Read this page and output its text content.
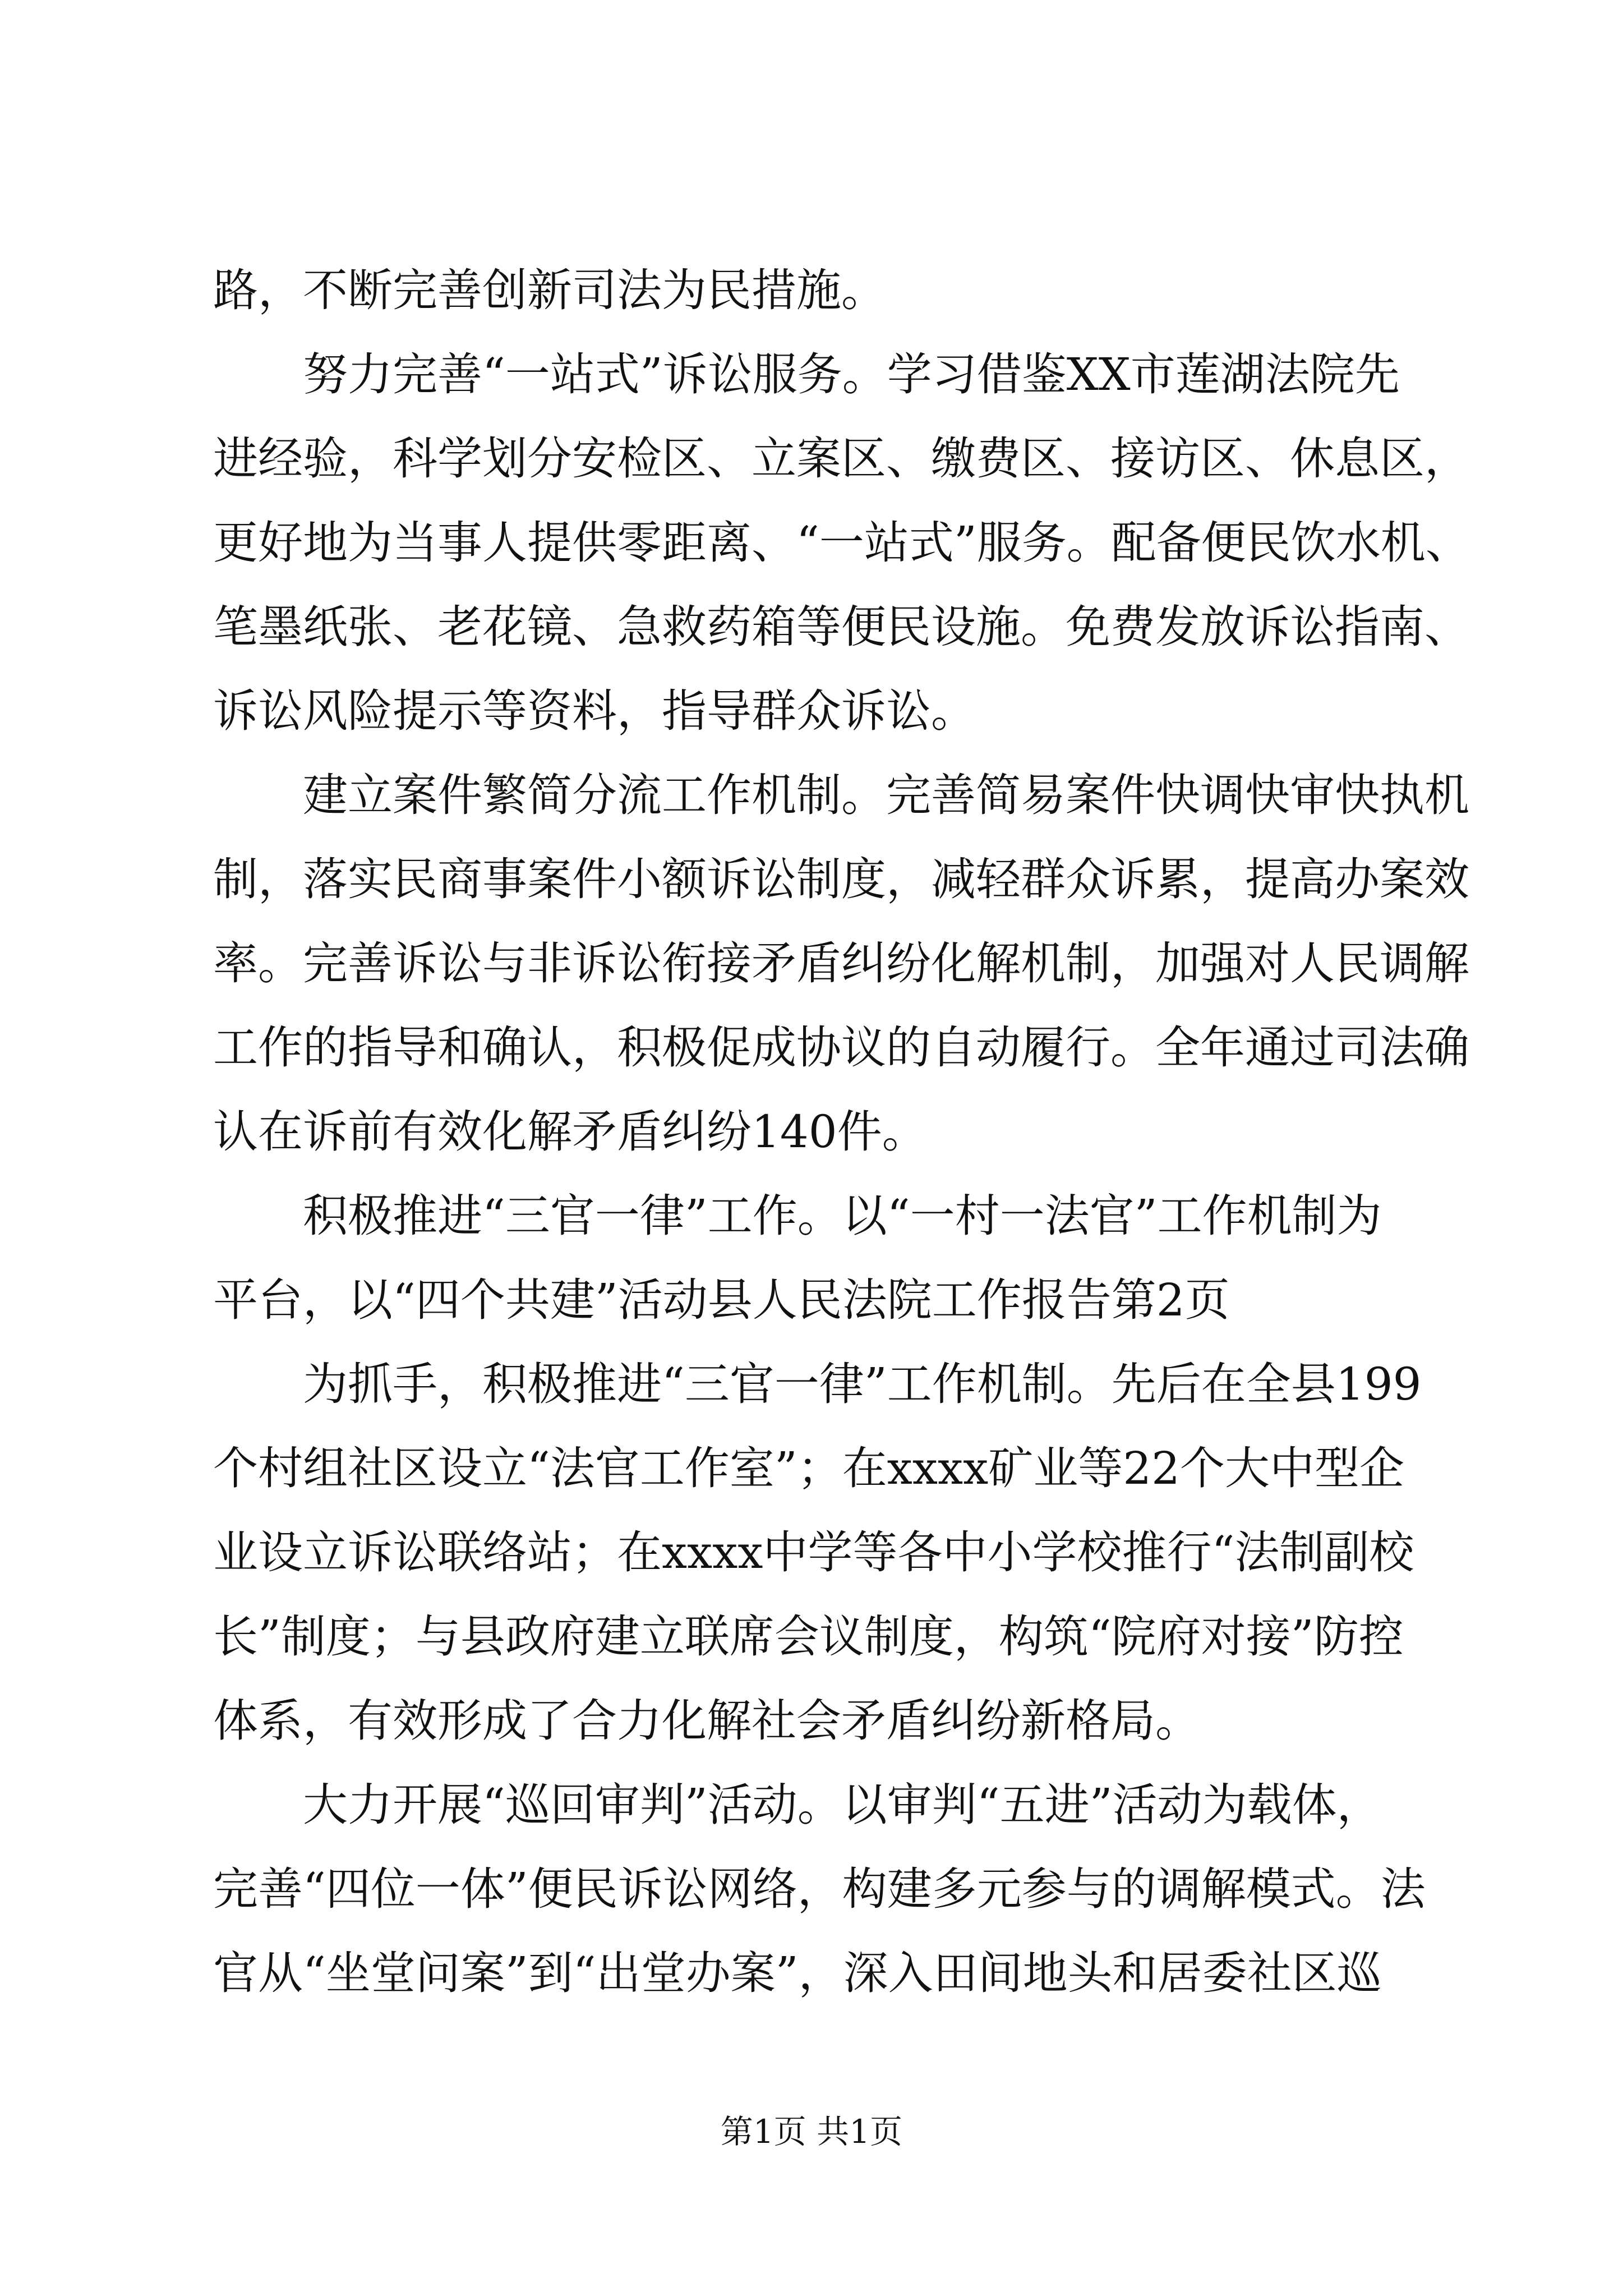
路，不断完善创新司法为民措施。

努力完善“一站式”诉讼服务。学习借鉴XX市莲湖法院先

进经验，科学划分安检区、立案区、缴费区、接访区、休息区，

更好地为当事人提供零距离、“一站式”服务。配备便民饮水机、

笔墨纸张、老花镜、急救药箱等便民设施。免费发放诉讼指南、

诉讼风险提示等资料，指导群众诉讼。

建立案件繁简分流工作机制。完善简易案件快调快审快执机

制，落实民商事案件小额诉讼制度，减轻群众诉累，提高办案效

率。完善诉讼与非诉讼衔接矛盾纠纷化解机制，加强对人民调解

工作的指导和确认，积极促成协议的自动履行。全年通过司法确

认在诉前有效化解矛盾纠纷140件。

积极推进“三官一律”工作。以“一村一法官”工作机制为

平台，以“四个共建”活动县人民法院工作报告第2页

为抓手，积极推进“三官一律”工作机制。先后在全县199

个村组社区设立“法官工作室”；在xxxx矿业等22个大中型企

业设立诉讼联络站；在xxxx中学等各中小学校推行“法制副校

长”制度；与县政府建立联席会议制度，构筑“院府对接”防控

体系，有效形成了合力化解社会矛盾纠纷新格局。

大力开展“巡回审判”活动。以审判“五进”活动为载体，

完善“四位一体”便民诉讼网络，构建多元参与的调解模式。法

官从“坐堂问案”到“出堂办案”，深入田间地头和居委社区巡

第1页 共1页
